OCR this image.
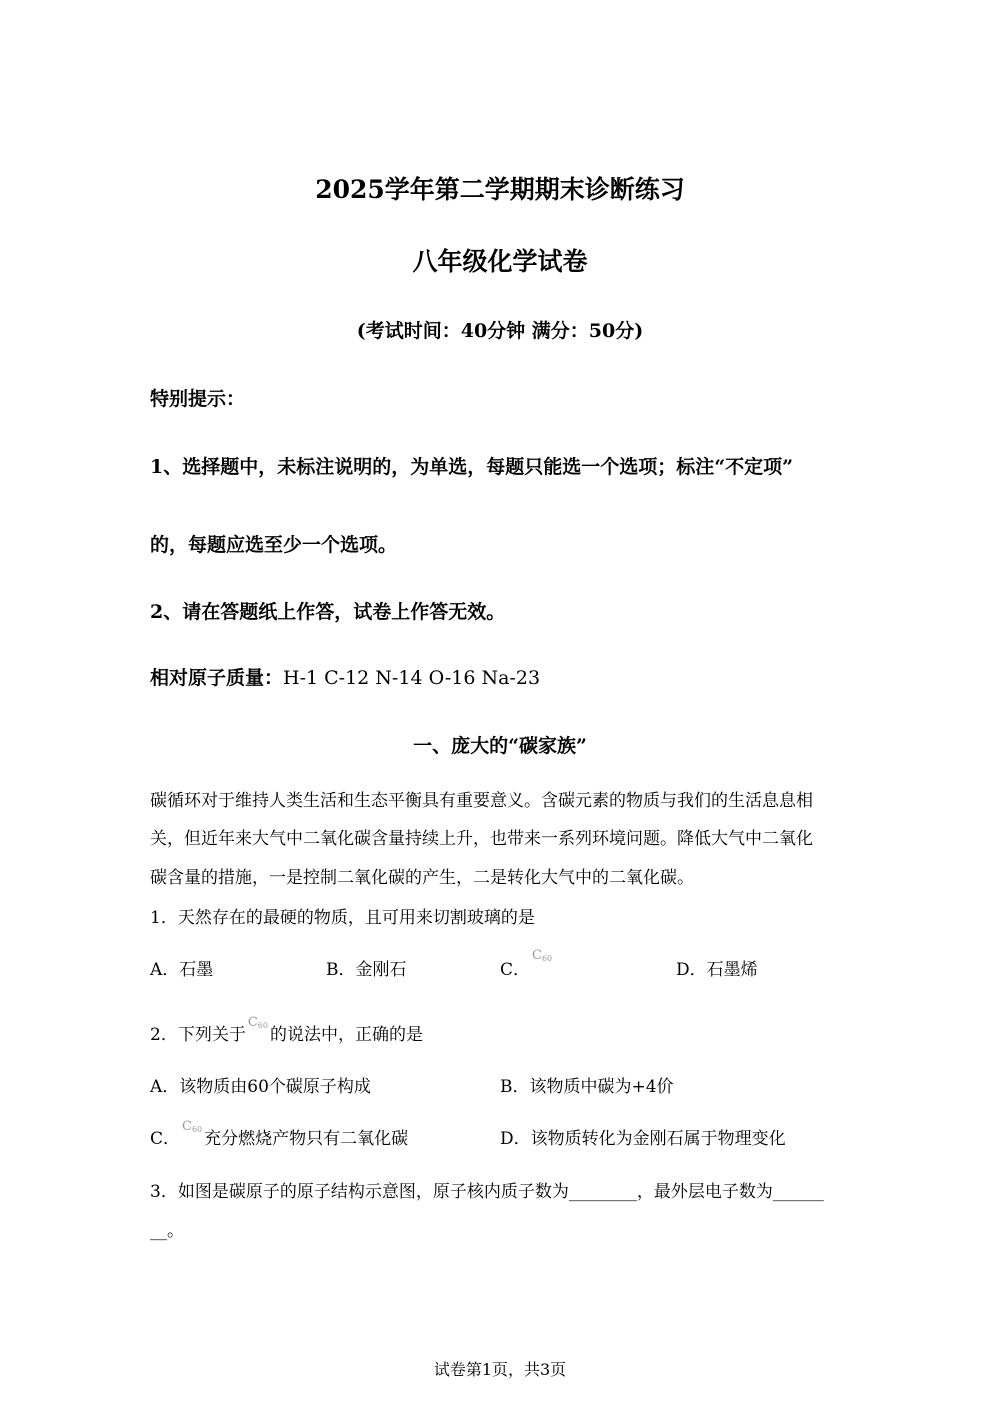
2025学年第二学期期末诊断练习
八年级化学试卷
(考试时间：40分钟 满分：50分)
特别提示：
1、选择题中，未标注说明的，为单选，每题只能选一个选项；标注“不定项”
的，每题应选至少一个选项。
2、请在答题纸上作答，试卷上作答无效。
相对原子质量：H-1 C-12 N-14 O-16 Na-23
一、庞大的“碳家族”
碳循环对于维持人类生活和生态平衡具有重要意义。含碳元素的物质与我们的生活息息相
关，但近年来大气中二氧化碳含量持续上升，也带来一系列环境问题。降低大气中二氧化
碳含量的措施，一是控制二氧化碳的产生，二是转化大气中的二氧化碳。
1．天然存在的最硬的物质，且可用来切割玻璃的是
A．石墨	B．金刚石	C．$C_{60}$
D．石墨烯
2．下列关于$C_{60}$ 的说法中，正确的是
A．该物质由60个碳原子构成	B．该物质中碳为+4价
C．$C_{60}$ 充分燃烧产物只有二氧化碳	D．该物质转化为金刚石属于物理变化
3．如图是碳原子的原子结构示意图，原子核内质子数为________，最外层电子数为______
__。
试卷第1页，共3页
